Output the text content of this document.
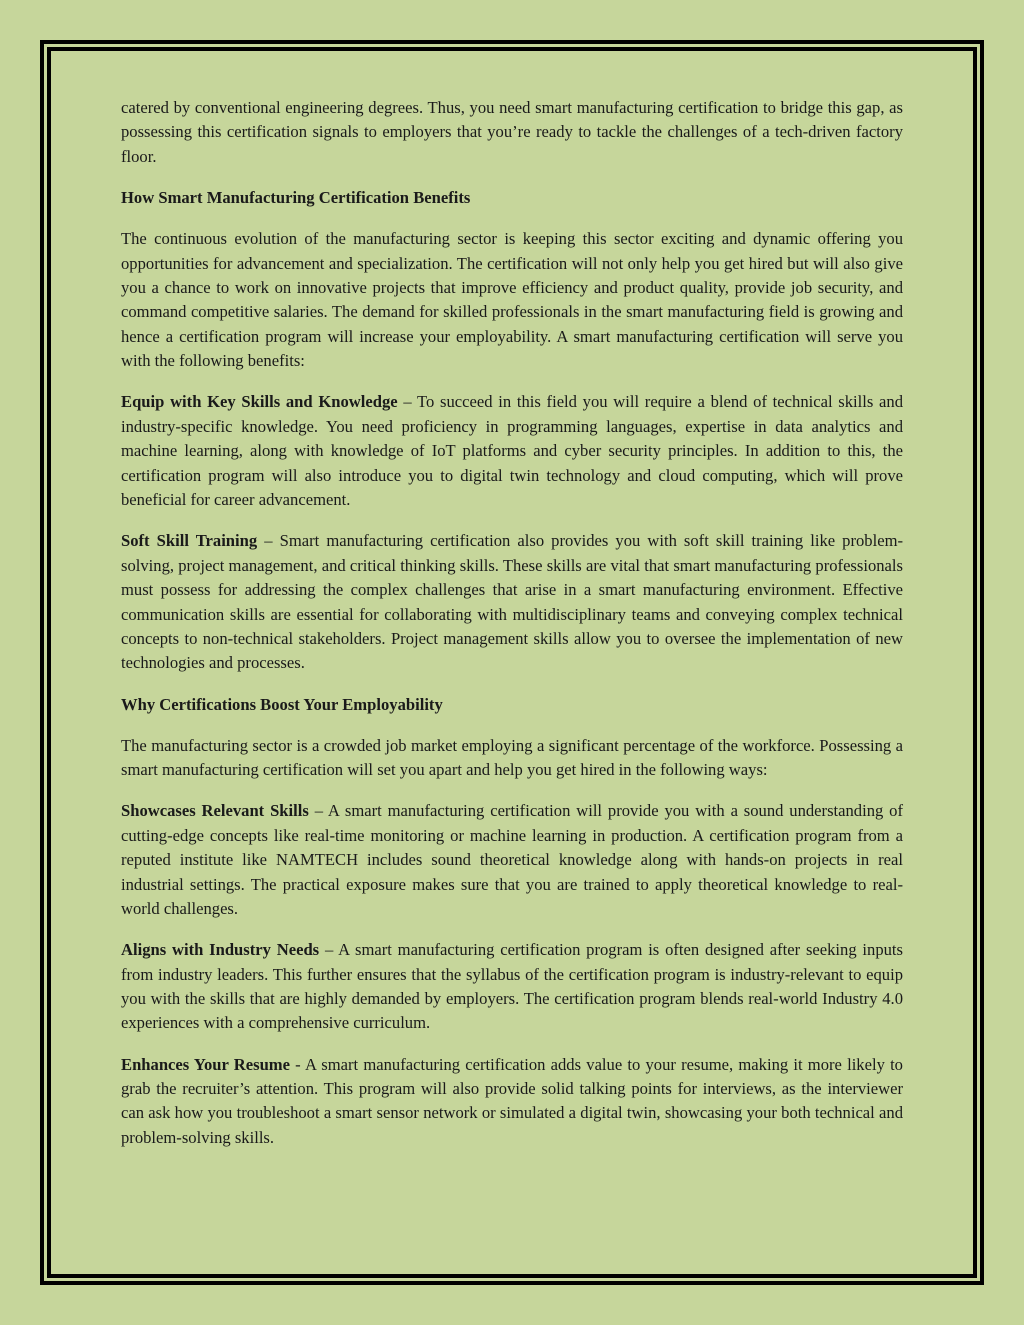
catered by conventional engineering degrees. Thus, you need smart manufacturing certification to bridge this gap, as possessing this certification signals to employers that you’re ready to tackle the challenges of a tech-driven factory floor.

How Smart Manufacturing Certification Benefits

The continuous evolution of the manufacturing sector is keeping this sector exciting and dynamic offering you opportunities for advancement and specialization. The certification will not only help you get hired but will also give you a chance to work on innovative projects that improve efficiency and product quality, provide job security, and command competitive salaries. The demand for skilled professionals in the smart manufacturing field is growing and hence a certification program will increase your employability. A smart manufacturing certification will serve you with the following benefits:

Equip with Key Skills and Knowledge – To succeed in this field you will require a blend of technical skills and industry-specific knowledge. You need proficiency in programming languages, expertise in data analytics and machine learning, along with knowledge of IoT platforms and cyber security principles. In addition to this, the certification program will also introduce you to digital twin technology and cloud computing, which will prove beneficial for career advancement.

Soft Skill Training – Smart manufacturing certification also provides you with soft skill training like problem-solving, project management, and critical thinking skills. These skills are vital that smart manufacturing professionals must possess for addressing the complex challenges that arise in a smart manufacturing environment. Effective communication skills are essential for collaborating with multidisciplinary teams and conveying complex technical concepts to non-technical stakeholders. Project management skills allow you to oversee the implementation of new technologies and processes.

Why Certifications Boost Your Employability

The manufacturing sector is a crowded job market employing a significant percentage of the workforce. Possessing a smart manufacturing certification will set you apart and help you get hired in the following ways:

Showcases Relevant Skills – A smart manufacturing certification will provide you with a sound understanding of cutting-edge concepts like real-time monitoring or machine learning in production. A certification program from a reputed institute like NAMTECH includes sound theoretical knowledge along with hands-on projects in real industrial settings. The practical exposure makes sure that you are trained to apply theoretical knowledge to real-world challenges.

Aligns with Industry Needs – A smart manufacturing certification program is often designed after seeking inputs from industry leaders. This further ensures that the syllabus of the certification program is industry-relevant to equip you with the skills that are highly demanded by employers. The certification program blends real-world Industry 4.0 experiences with a comprehensive curriculum.

Enhances Your Resume - A smart manufacturing certification adds value to your resume, making it more likely to grab the recruiter’s attention. This program will also provide solid talking points for interviews, as the interviewer can ask how you troubleshoot a smart sensor network or simulated a digital twin, showcasing your both technical and problem-solving skills.
